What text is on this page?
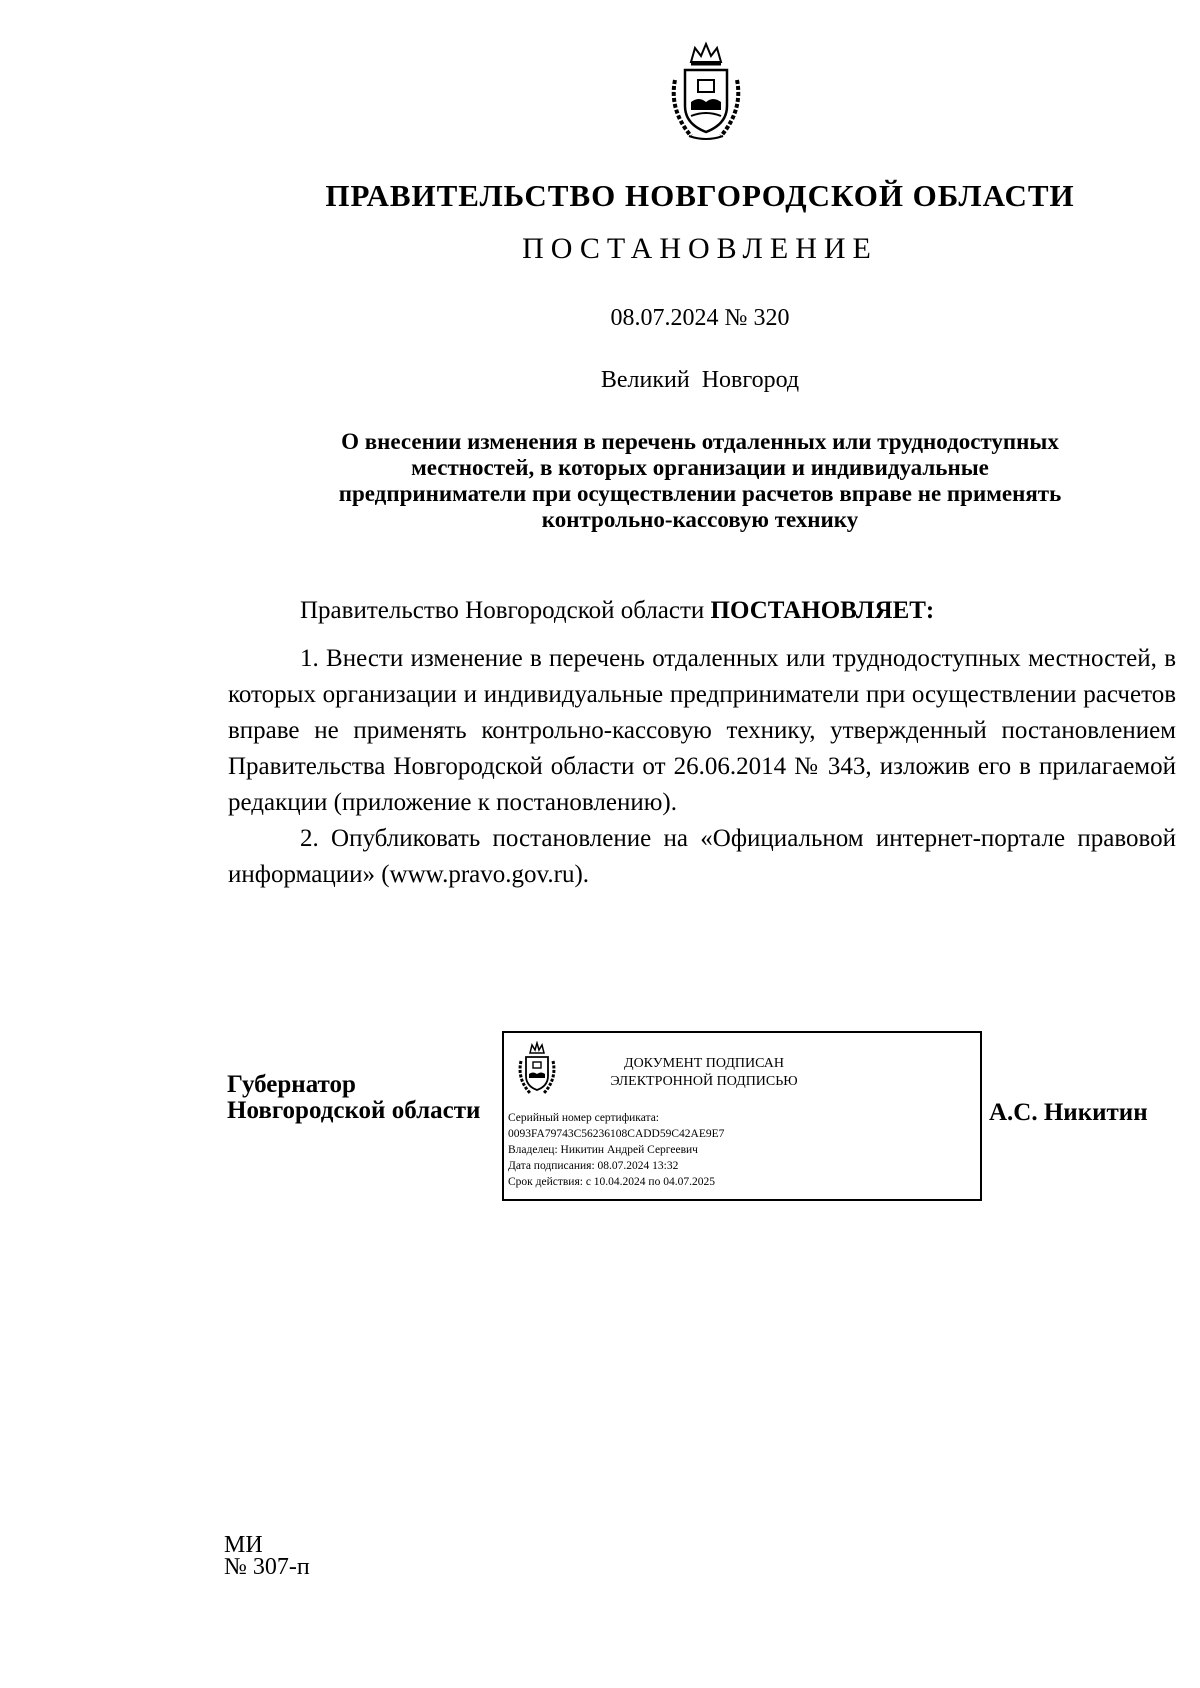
ПРАВИТЕЛЬСТВО НОВГОРОДСКОЙ ОБЛАСТИ
ПОСТАНОВЛЕНИЕ
08.07.2024 № 320
Великий Новгород
О внесении изменения в перечень отдаленных или труднодоступных
местностей, в которых организации и индивидуальные
предприниматели при осуществлении расчетов вправе не применять
контрольно-кассовую технику
Правительство Новгородской области ПОСТАНОВЛЯЕТ:

1. Внести изменение в перечень отдаленных или труднодоступных местностей, в которых организации и индивидуальные предприниматели при осуществлении расчетов вправе не применять контрольно-кассовую технику, утвержденный постановлением Правительства Новгородской области от 26.06.2014 № 343, изложив его в прилагаемой редакции (приложение к постановлению).

2. Опубликовать постановление на «Официальном интернет-портале правовой информации» (www.pravo.gov.ru).

Губернатор
Новгородской области
ДОКУМЕНТ ПОДПИСАН
ЭЛЕКТРОННОЙ ПОДПИСЬЮ
Серийный номер сертификата:
0093FA79743C56236108CADD59C42AE9E7
Владелец: Никитин Андрей Сергеевич
Дата подписания: 08.07.2024 13:32
Срок действия: с 10.04.2024 по 04.07.2025
А.С. Никитин
МИ
№ 307-п
